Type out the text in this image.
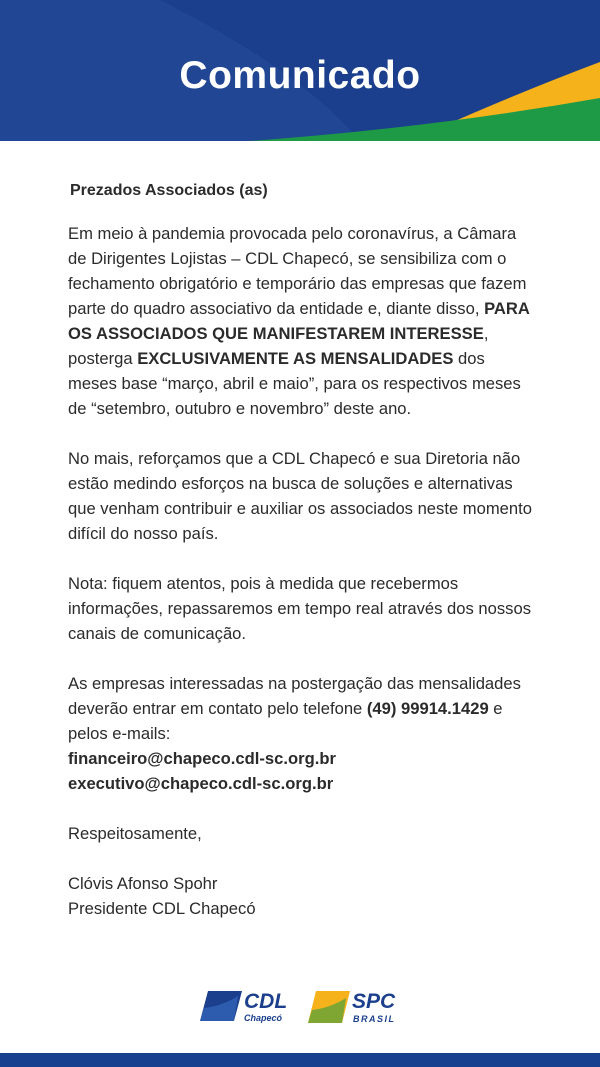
Comunicado

Prezados Associados (as)

Em meio à pandemia provocada pelo coronavírus, a Câmara de Dirigentes Lojistas – CDL Chapecó, se sensibiliza com o fechamento obrigatório e temporário das empresas que fazem parte do quadro associativo da entidade e, diante disso, PARA OS ASSOCIADOS QUE MANIFESTAREM INTERESSE, posterga EXCLUSIVAMENTE AS MENSALIDADES dos meses base “março, abril e maio”, para os respectivos meses de “setembro, outubro e novembro” deste ano.

No mais, reforçamos que a CDL Chapecó e sua Diretoria não estão medindo esforços na busca de soluções e alternativas que venham contribuir e auxiliar os associados neste momento difícil do nosso país.

Nota: fiquem atentos, pois à medida que recebermos informações, repassaremos em tempo real através dos nossos canais de comunicação.

As empresas interessadas na postergação das mensalidades deverão entrar em contato pelo telefone (49) 99914.1429 e pelos e-mails:
financeiro@chapeco.cdl-sc.org.br
executivo@chapeco.cdl-sc.org.br

Respeitosamente,

Clóvis Afonso Spohr
Presidente CDL Chapecó

CDL
Chapecó
SPC
BRASIL
